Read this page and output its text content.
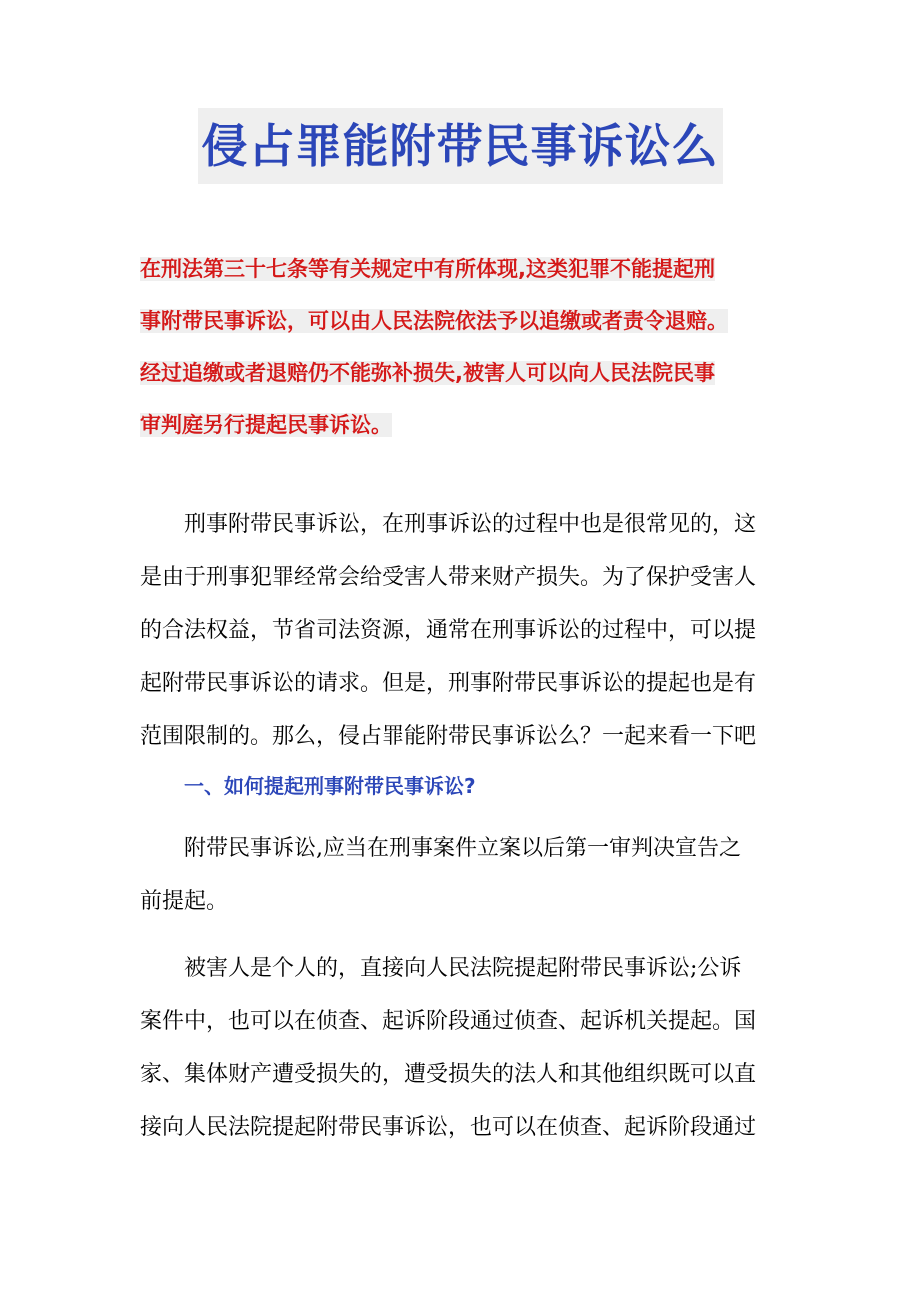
侵占罪能附带民事诉讼么
在刑法第三十七条等有关规定中有所体现,这类犯罪不能提起刑
事附带民事诉讼，可以由人民法院依法予以追缴或者责令退赔。
经过追缴或者退赔仍不能弥补损失,被害人可以向人民法院民事
审判庭另行提起民事诉讼。

刑事附带民事诉讼，在刑事诉讼的过程中也是很常见的，这
是由于刑事犯罪经常会给受害人带来财产损失。为了保护受害人
的合法权益，节省司法资源，通常在刑事诉讼的过程中，可以提
起附带民事诉讼的请求。但是，刑事附带民事诉讼的提起也是有
范围限制的。那么，侵占罪能附带民事诉讼么？一起来看一下吧

一、如何提起刑事附带民事诉讼?

附带民事诉讼,应当在刑事案件立案以后第一审判决宣告之
前提起。

被害人是个人的，直接向人民法院提起附带民事诉讼;公诉
案件中，也可以在侦查、起诉阶段通过侦查、起诉机关提起。国
家、集体财产遭受损失的，遭受损失的法人和其他组织既可以直
接向人民法院提起附带民事诉讼，也可以在侦查、起诉阶段通过
